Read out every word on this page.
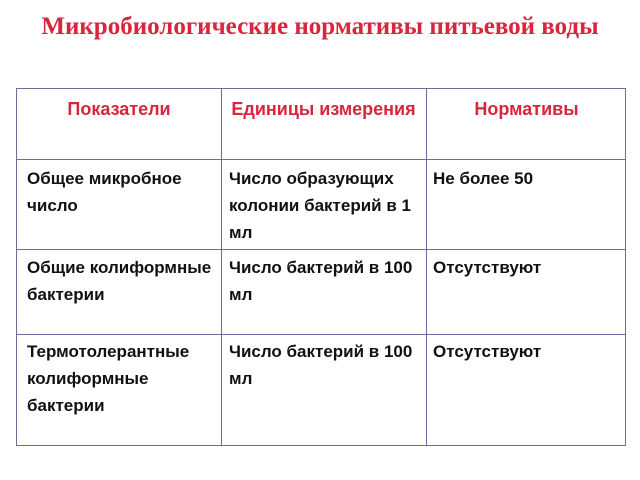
Микробиологические нормативы питьевой воды
Показатели	Единицы измерения	Нормативы
Общее микробное число
Число образующих колонии бактерий в 1 мл
Не более 50
Общие колиформные бактерии
Число бактерий в 100 мл
Отсутствуют
Термотолерантные колиформные бактерии
Число бактерий в 100 мл
Отсутствуют
